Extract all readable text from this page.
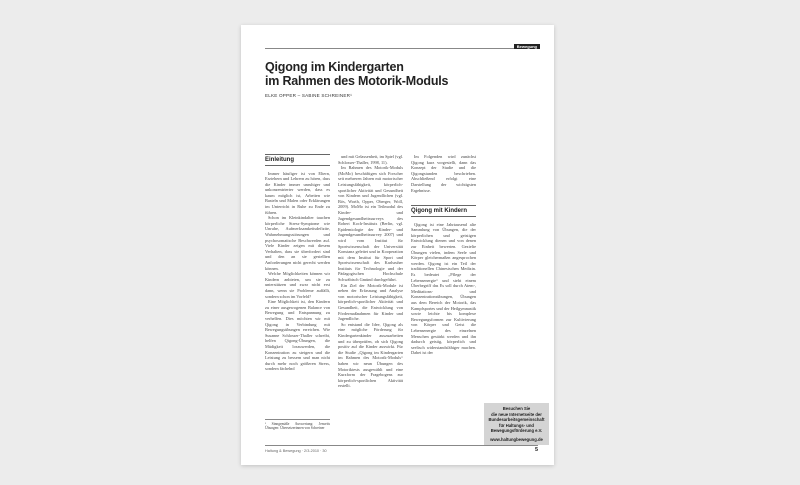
Bewegung
Qigong im Kindergarten
im Rahmen des Motorik-Moduls
ELKE OPPER – SABINE SCHREINER¹
Einleitung

Immer häufiger ist von Eltern, Erziehern und Lehrern zu hören, dass die Kinder immer unruhiger und unkonzentrierter werden, dass es kaum möglich ist, Arbeiten wie Basteln und Malen oder Erklärungen im Unterricht in Ruhe zu Ende zu führen.

Schon im Kleinkindalter tauchen körperliche Stress-Symptome wie Unruhe, Aufmerksamkeitsdefizite, Wahrnehmungsstörungen und psychosomatische Beschwerden auf. Viele Kinder zeigen mit diesem Verhalten, dass sie überfordert sind und den an sie gestellten Anforderungen nicht gerecht werden können.

Welche Möglichkeiten können wir Kindern anbieten, um sie zu unterstützen und zwar nicht erst dann, wenn sie Probleme auffällt, sondern schon im Vorfeld?

Eine Möglichkeit ist, den Kindern zu einer ausgewogenen Balance von Bewegung und Entspannung zu verhelfen. Dies möchten wir mit Qigong in Verbindung mit Bewegungsübungen erreichen. Wie Susanne Schlosser-Thaller schreibt, helfen Qigong-Übungen, die Müdigkeit loszuwerden, die Konzentration zu steigern und die Leistung zu bessern und man nicht durch mehr noch größeren Stress, sondern fächelnd

¹ Sinngemäße Auswertung: Jenseits Übungen: Übersetzerinnen von Schreiner

und mit Gelassenheit, im Spiel (vgl. Schlosser-Thaller, 1998, 11).

Im Rahmen des Motorik-Moduls (MoMo) beschäftigen sich Forscher seit mehreren Jahren mit motorischer Leistungsfähigkeit, körperlich-sportlicher Aktivität und Gesundheit von Kindern und Jugendlichen (vgl. Bös, Worth, Opper, Oberger, Woll, 2009). MoMo ist ein Teilmodul des Kinder- und Jugendgesundheitssurveys des Robert Koch-Instituts (Berlin, vgl. Epidemiologie der Kinder- und Jugendgesundheitssurvey 2007) und wird vom Institut für Sportwissenschaft der Universität Konstanz geleitet und in Kooperation mit dem Institut für Sport und Sportwissenschaft des Karlsruher Instituts für Technologie und der Pädagogischen Hochschule Schwäbisch Gmünd durchgeführt.

Ein Ziel der Motorik-Module ist neben der Erfassung und Analyse von motorischer Leistungsfähigkeit, körperlich-sportlicher Aktivität und Gesundheit, die Entwicklung von Fördermaßnahmen für Kinder und Jugendliche.

So entstand die Idee, Qigong als eine mögliche Förderung für Kindergartenkinder auszuarbeiten und zu überprüfen, ob sich Qigong positiv auf die Kinder auswirkt. Für die Studie „Qigong im Kindergarten im Rahmen des Motorik-Moduls“ haben wir neun Übungen des Motoriktests ausgewählt und eine Kurzform der Fragebogens zur körperlich-sportlichen Aktivität erstellt.

Im Folgenden wird zunächst Qigong kurz vorgestellt, dann das Konzept der Studie und die Qigongstunden beschrieben. Abschließend erfolgt eine Darstellung der wichtigsten Ergebnisse.

Qigong mit Kindern

Qigong ist eine Jahrtausend alte Sammlung von Übungen, die der körperlichen und geistigen Entwicklung dienen und von denen zur Einheit bewerten. Gezielte Übungen vielen, indem Seele und Körper gleichermaßen angesprochen werden. Qigong ist ein Teil der traditionellen Chinesischen Medizin. Es bedeutet „Pflege der Lebensenergie“ und steht einem Überbegriff das Es soll durch Atem-, Meditations- und Konzentrationsübungen, Übungen aus dem Bereich der Motorik, das Kampfsportes und der Heilgymnastik sowie leichte bis komplexe Bewegungsformen zur Kultivierung von Körper und Geist die Lebensenergie des einzelnen Menschen gestärkt werden und ihn dadurch geistig, körperlich und seelisch widerstandsfähiger machen. Dabei ist der

Besuchen Sie
die neue Internetseite der
Bundesarbeitsgemeinschaft
für Haltungs- und
Bewegungsförderung e.V.
www.haltungbewegung.de
Haltung & Bewegung · 2/3-2010 · 30	5
